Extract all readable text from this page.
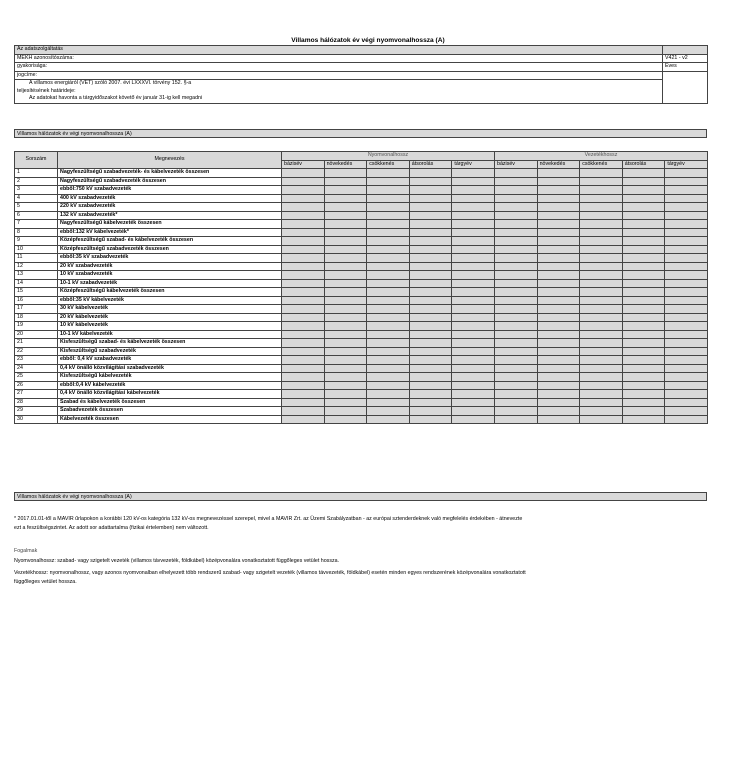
Villamos hálózatok év végi nyomvonalhossza (A)
Az adatszolgáltatás	
MEKH azonosítószáma:	V421 - v2
gyakorisága:	Éves
jogcíme:	
A villamos energiáról (VET) szóló 2007. évi LXXXVI. törvény 152. §-a	
teljesítésének határideje:	
Az adatokat havonta a tárgyidőszakot követő év január 31-ig kell megadni	
Villamos hálózatok év végi nyomvonalhossza (A)
Sorszám	Megnevezés	Nyomvonalhossz					Vezetékhossz				
		bázisév	növekedés	csökkenés	átsorolás	tárgyév	bázisév	növekedés	csökkenés	átsorolás	tárgyév
1	Nagyfeszültségű szabadvezeték- és kábelvezeték összesen										
2	Nagyfeszültségű szabadvezeték összesen										
3	ebből:750 kV szabadvezeték										
4	400 kV szabadvezeték										
5	220 kV szabadvezeték										
6	132 kV szabadvezeték*										
7	Nagyfeszültségű kábelvezeték összesen										
8	ebből:132 kV kábelvezeték*										
9	Középfeszültségű szabad- és kábelvezeték összesen										
10	Középfeszültségű szabadvezeték összesen										
11	ebből:35 kV szabadvezeték										
12	20 kV szabadvezeték										
13	10 kV szabadvezeték										
14	10-1 kV szabadvezeték										
15	Középfeszültségű kábelvezeték összesen										
16	ebből:35 kV kábelvezeték										
17	30 kV kábelvezeték										
18	20 kV kábelvezeték										
19	10 kV kábelvezeték										
20	10-1 kV kábelvezeték										
21	Kisfeszültségű szabad- és kábelvezeték összesen										
22	Kisfeszültségű szabadvezeték										
23	ebből: 0,4 kV szabadvezeték										
24	0,4 kV önálló közvilágítási szabadvezeték										
25	Kisfeszültségű kábelvezeték										
26	ebből:0,4 kV kábelvezeték										
27	0,4 kV önálló közvilágítási kábelvezeték										
28	Szabad és kábelvezeték összesen										
29	Szabadvezeték összesen										
30	Kábelvezeték összesen										
Villamos hálózatok év végi nyomvonalhossza (A)
* 2017.01.01-től a MAVIR űrlapokon a korábbi 120 kV-os kategória 132 kV-os megnevezéssel szerepel, mivel a MAVIR Zrt. az Üzemi Szabályzatban - az európai sztenderdeknek való megfelelés érdekében - átnevezte
ezt a feszültségszintet. Az adott sor adattartalma (fizikai értelemben) nem változott.
Fogalmak
Nyomvonalhossz: szabad- vagy szigetelt vezeték (villamos távvezeték, földkábel) középvonalára vonatkoztatott függőleges vetület hossza.
Vezetékhossz: nyomvonalhossz, vagy azonos nyomvonalban elhelyezett több rendszerű szabad- vagy szigetelt vezeték (villamos távvezeték, földkábel) esetén minden egyes rendszerének középvonalára vonatkoztatott
függőleges vetület hossza.
